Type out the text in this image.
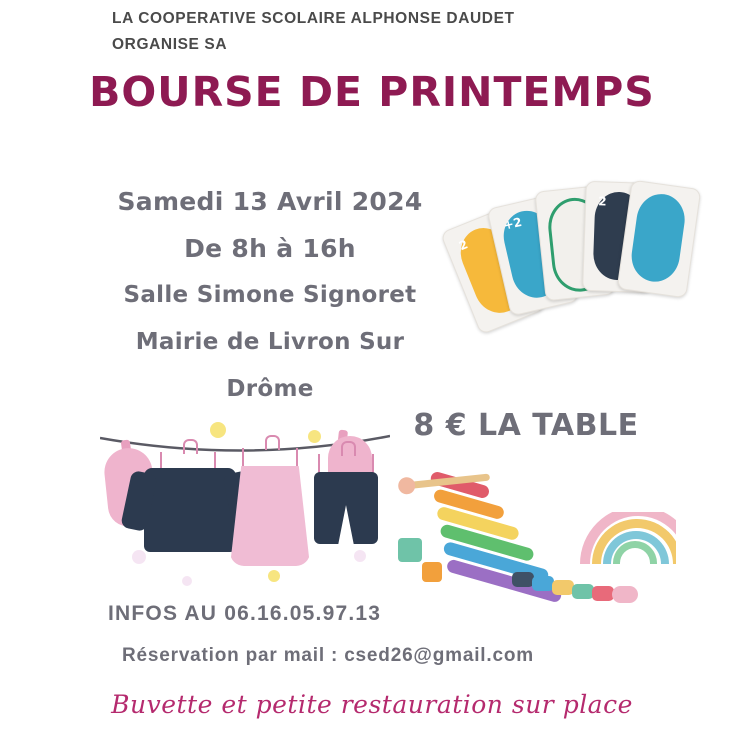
LA COOPERATIVE SCOLAIRE ALPHONSE DAUDET
ORGANISE SA
BOURSE DE PRINTEMPS
Samedi 13 Avril 2024
De 8h à 16h
Salle Simone Signoret
Mairie de Livron Sur
Drôme
8 € LA TABLE
2
+2
2
INFOS AU 06.16.05.97.13
Réservation par mail : csed26@gmail.com
Buvette et petite restauration sur place
